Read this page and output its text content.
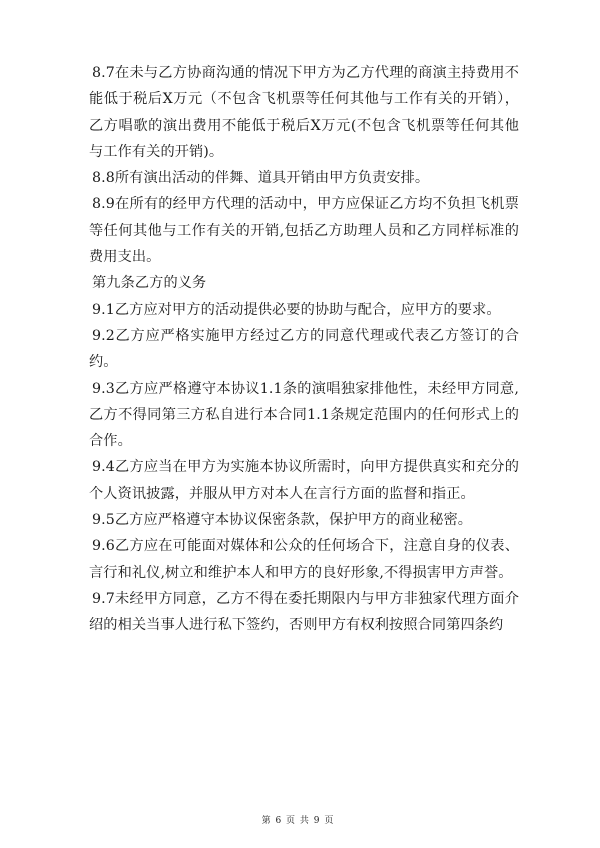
8.7在未与乙方协商沟通的情况下甲方为乙方代理的商演主持费用不能低于税后X万元（不包含飞机票等任何其他与工作有关的开销），乙方唱歌的演出费用不能低于税后X万元(不包含飞机票等任何其他与工作有关的开销)。

8.8所有演出活动的伴舞、道具开销由甲方负责安排。

8.9在所有的经甲方代理的活动中，甲方应保证乙方均不负担飞机票等任何其他与工作有关的开销,包括乙方助理人员和乙方同样标准的费用支出。

第九条乙方的义务

9.1乙方应对甲方的活动提供必要的协助与配合，应甲方的要求。

9.2乙方应严格实施甲方经过乙方的同意代理或代表乙方签订的合约。

9.3乙方应严格遵守本协议1.1条的演唱独家排他性，未经甲方同意,乙方不得同第三方私自进行本合同1.1条规定范围内的任何形式上的合作。

9.4乙方应当在甲方为实施本协议所需时，向甲方提供真实和充分的个人资讯披露，并服从甲方对本人在言行方面的监督和指正。

9.5乙方应严格遵守本协议保密条款，保护甲方的商业秘密。

9.6乙方应在可能面对媒体和公众的任何场合下，注意自身的仪表、言行和礼仪,树立和维护本人和甲方的良好形象,不得损害甲方声誉。

9.7未经甲方同意，乙方不得在委托期限内与甲方非独家代理方面介绍的相关当事人进行私下签约，否则甲方有权利按照合同第四条约

第 6 页 共 9 页
